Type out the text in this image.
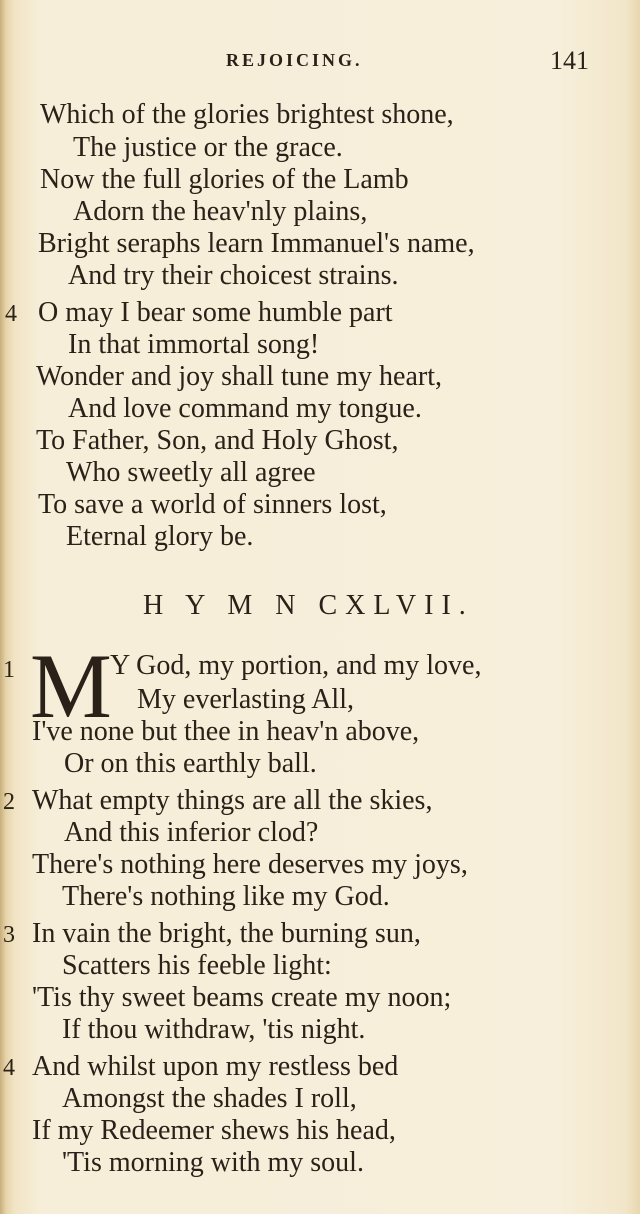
REJOICING.	141
Which of the glories brightest shone,
The justice or the grace.
Now the full glories of the Lamb
Adorn the heav'nly plains,
Bright seraphs learn Immanuel's name,
And try their choicest strains.
4 O may I bear some humble part
In that immortal song!
Wonder and joy shall tune my heart,
And love command my tongue.
To Father, Son, and Holy Ghost,
Who sweetly all agree
To save a world of sinners lost,
Eternal glory be.
H Y M N CXLVII.
1 M
Y God, my portion, and my love,
My everlasting All,
I've none but thee in heav'n above,
Or on this earthly ball.
2 What empty things are all the skies,
And this inferior clod?
There's nothing here deserves my joys,
There's nothing like my God.
3 In vain the bright, the burning sun,
Scatters his feeble light:
'Tis thy sweet beams create my noon;
If thou withdraw, 'tis night.
4 And whilst upon my restless bed
Amongst the shades I roll,
If my Redeemer shews his head,
'Tis morning with my soul.
